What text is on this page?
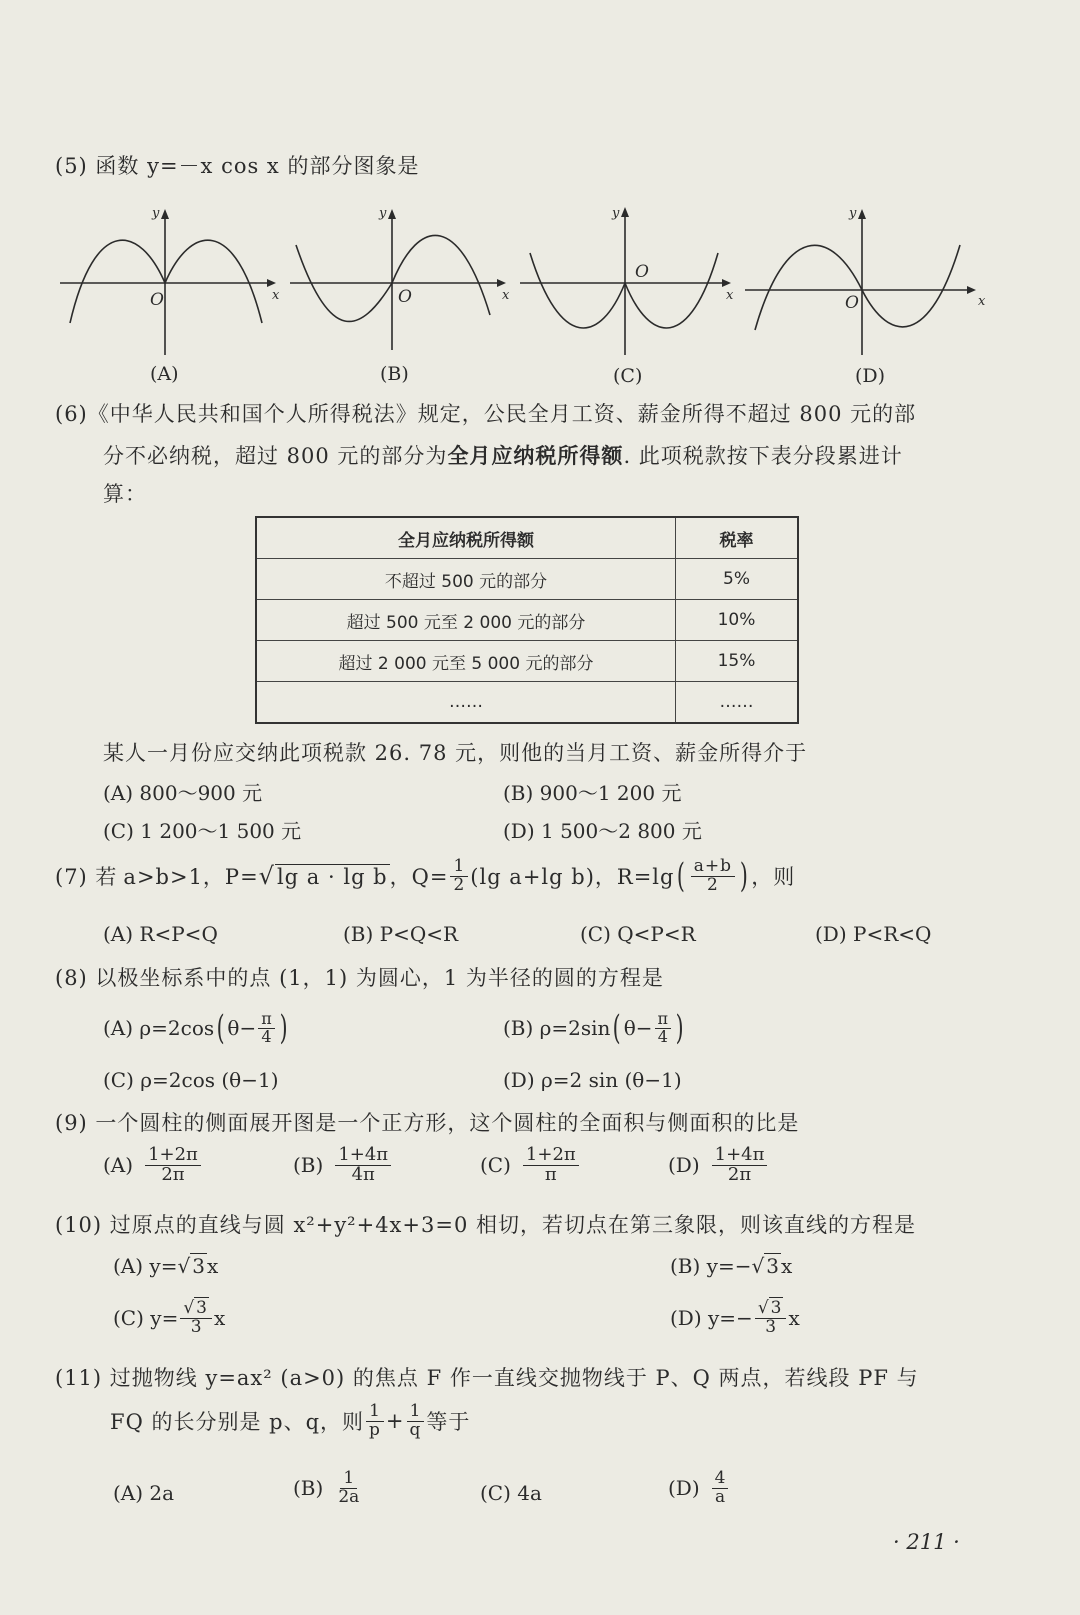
(5) 函数 y=－x cos x 的部分图象是
y
x
y
x
y
x
y
x
O	O
O
O
(A)	(B)	(C)	(D)
(6)《中华人民共和国个人所得税法》规定，公民全月工资、薪金所得不超过 800 元的部
分不必纳税，超过 800 元的部分为全月应纳税所得额. 此项税款按下表分段累进计
算：
全月应纳税所得额	税率
不超过 500 元的部分	5%
超过 500 元至 2 000 元的部分	10%
超过 2 000 元至 5 000 元的部分	15%
……	……
某人一月份应交纳此项税款 26. 78 元，则他的当月工资、薪金所得介于
(A) 800～900 元	(B) 900～1 200 元
(C) 1 200～1 500 元	(D) 1 500～2 800 元
(7) 若 a>b>1，P= √ lg a · lg b ，$Q= \frac{1}{2} (\lg$ a+lg b)，R=lg ( $\frac{a+b}{2}$ ) ，则
(A) R<P<Q	(B) P<Q<R	(C) Q<P<R	(D) P<R<Q
(8) 以极坐标系中的点 (1，1) 为圆心，1 为半径的圆的方程是
(A) ρ=2cos ( $\theta- \frac{\pi}{4}$ )	(B) ρ=2sin ( $\theta- \frac{\pi}{4}$ )
(C) ρ=2cos (θ−1)	(D) ρ=2 sin (θ−1)
(9) 一个圆柱的侧面展开图是一个正方形，这个圆柱的全面积与侧面积的比是
$(A) \frac{1+2\pi}{2\pi}$	$(B) \frac{1+4\pi}{4\pi}$	$(C) \frac{1+2\pi}{\pi}$	$(D) \frac{1+4\pi}{2\pi}$
(10) 过原点的直线与圆 x²+y²+4x+3=0 相切，若切点在第三象限，则该直线的方程是
(A) y=√ 3 x	(B) y=−√ 3 x
(C) $y= \frac{√ 3}{3}$ x	(D) $y=- \frac{√ 3}{3}$ x
(11) 过抛物线 y=ax² (a>0) 的焦点 F 作一直线交抛物线于 P、Q 两点，若线段 PF 与
FQ 的长分别是 p、q，则 $\frac{1}{p} + \frac{1}{q}$ 等于
(A) 2a	$(B) \frac{1}{2a}$	(C) 4a	$(D) \frac{4}{a}$
· 211 ·
